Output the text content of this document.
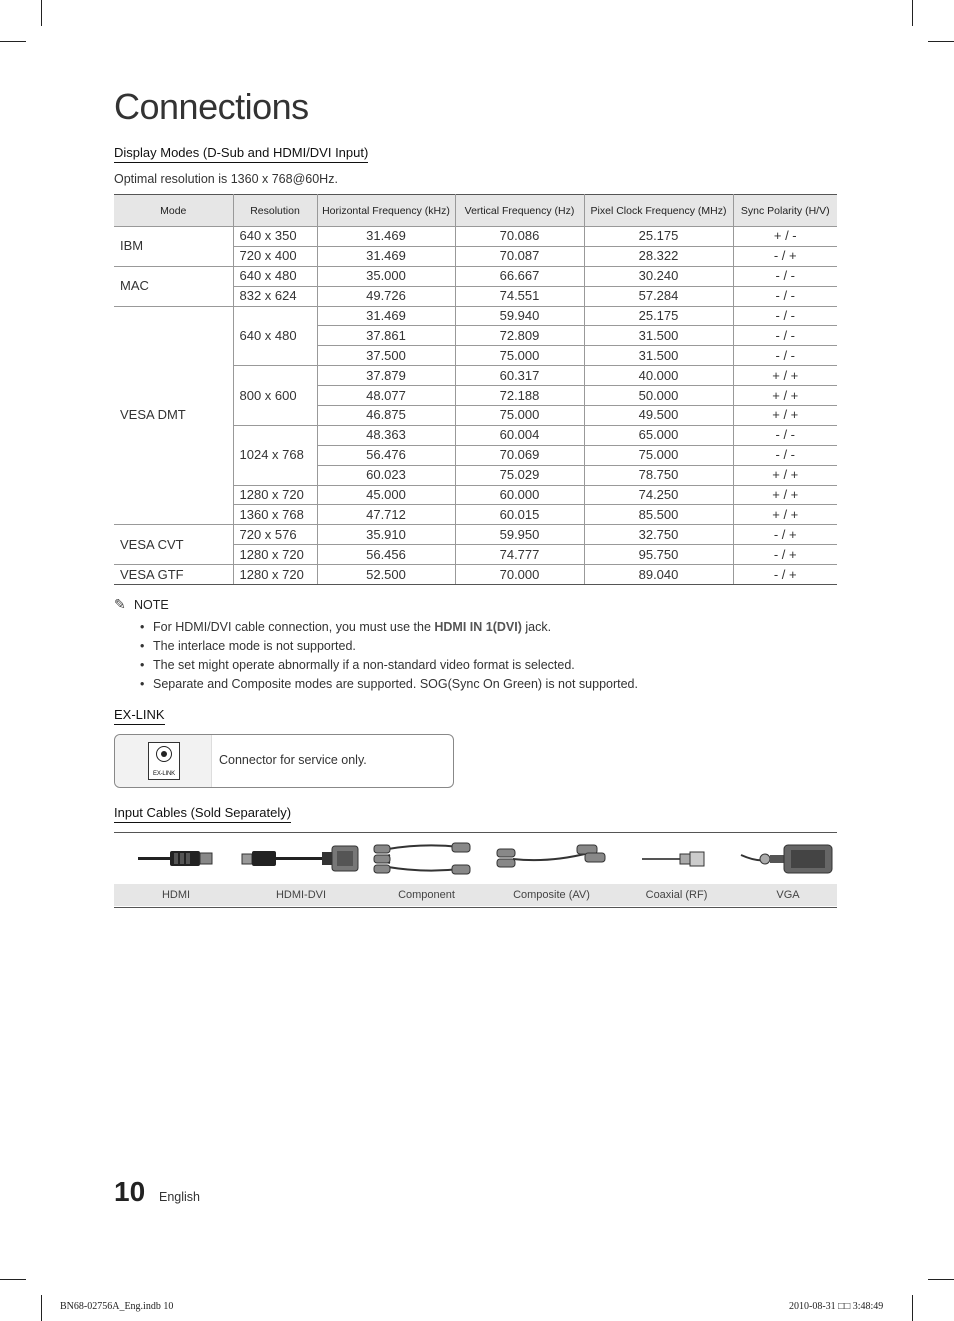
Connections
Display Modes (D-Sub and HDMI/DVI Input)
Optimal resolution is 1360 x 768@60Hz.
Mode	Resolution	Horizontal Frequency (kHz)	Vertical Frequency (Hz)	Pixel Clock Frequency (MHz)	Sync Polarity (H/V)
IBM	640 x 350	31.469	70.086	25.175	+ / -
	720 x 400	31.469	70.087	28.322	- / +
MAC	640 x 480	35.000	66.667	30.240	- / -
	832 x 624	49.726	74.551	57.284	- / -
VESA DMT	640 x 480	31.469	59.940	25.175	- / -
		37.861	72.809	31.500	- / -
		37.500	75.000	31.500	- / -
	800 x 600	37.879	60.317	40.000	+ / +
		48.077	72.188	50.000	+ / +
		46.875	75.000	49.500	+ / +
	1024 x 768	48.363	60.004	65.000	- / -
		56.476	70.069	75.000	- / -
		60.023	75.029	78.750	+ / +
	1280 x 720	45.000	60.000	74.250	+ / +
	1360 x 768	47.712	60.015	85.500	+ / +
VESA CVT	720 x 576	35.910	59.950	32.750	- / +
	1280 x 720	56.456	74.777	95.750	- / +
VESA GTF	1280 x 720	52.500	70.000	89.040	- / +
✎ NOTE
• For HDMI/DVI cable connection, you must use the HDMI IN 1(DVI) jack.
• The interlace mode is not supported.
• The set might operate abnormally if a non-standard video format is selected.
• Separate and Composite modes are supported. SOG(Sync On Green) is not supported.
EX-LINK
EX-LINK
Connector for service only.
Input Cables (Sold Separately)
HDMI	HDMI-DVI	Component	Composite (AV)	Coaxial (RF)	VGA
10 English
BN68-02756A_Eng.indb 10	2010-08-31 □□ 3:48:49
